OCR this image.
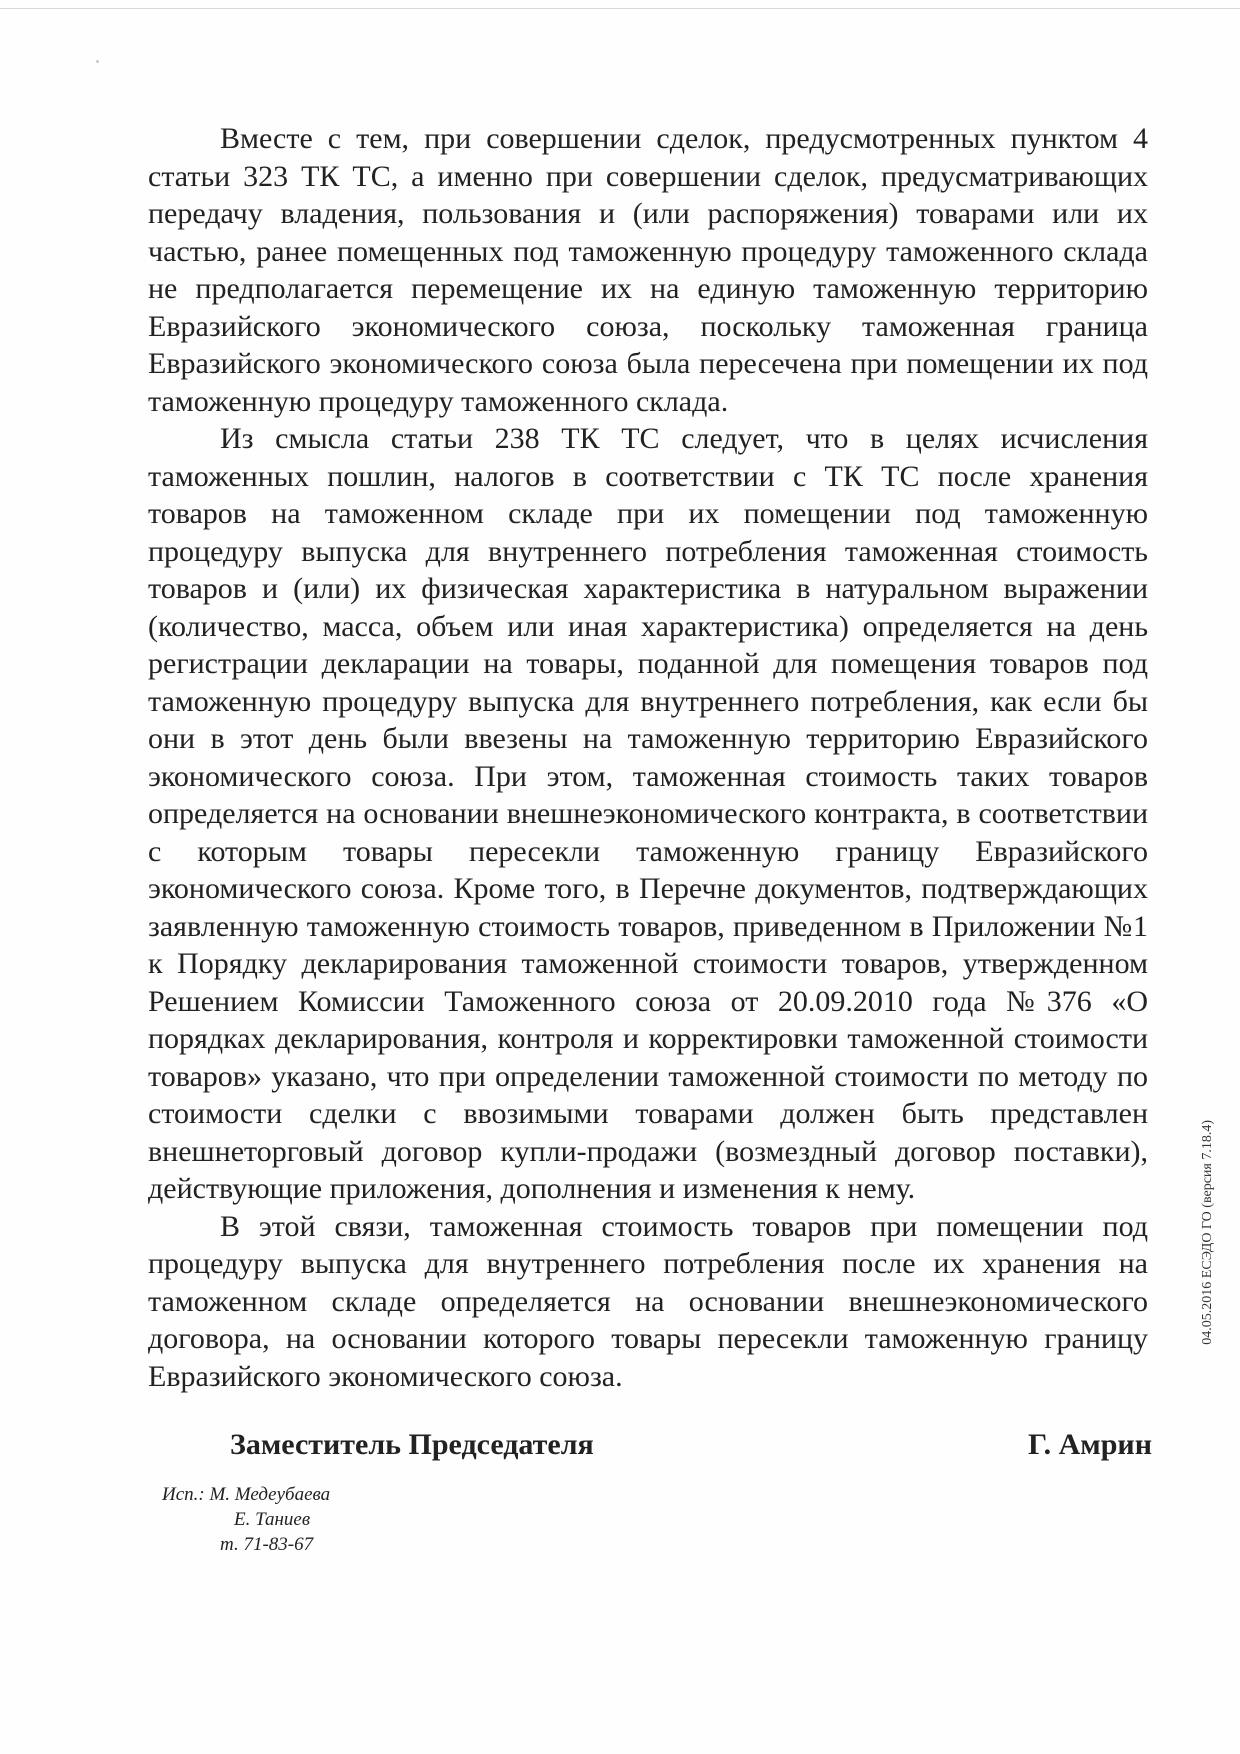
Вместе с тем, при совершении сделок, предусмотренных пунктом 4 статьи 323 ТК ТС, а именно при совершении сделок, предусматривающих передачу владения, пользования и (или распоряжения) товарами или их частью, ранее помещенных под таможенную процедуру таможенного склада не предполагается перемещение их на единую таможенную территорию Евразийского экономического союза, поскольку таможенная граница Евразийского экономического союза была пересечена при помещении их под таможенную процедуру таможенного склада.

Из смысла статьи 238 ТК ТС следует, что в целях исчисления таможенных пошлин, налогов в соответствии с ТК ТС после хранения товаров на таможенном складе при их помещении под таможенную процедуру выпуска для внутреннего потребления таможенная стоимость товаров и (или) их физическая характеристика в натуральном выражении (количество, масса, объем или иная характеристика) определяется на день регистрации декларации на товары, поданной для помещения товаров под таможенную процедуру выпуска для внутреннего потребления, как если бы они в этот день были ввезены на таможенную территорию Евразийского экономического союза. При этом, таможенная стоимость таких товаров определяется на основании внешнеэкономического контракта, в соответствии с которым товары пересекли таможенную границу Евразийского экономического союза. Кроме того, в Перечне документов, подтверждающих заявленную таможенную стоимость товаров, приведенном в Приложении №1 к Порядку декларирования таможенной стоимости товаров, утвержденном Решением Комиссии Таможенного союза от 20.09.2010 года №376 «О порядках декларирования, контроля и корректировки таможенной стоимости товаров» указано, что при определении таможенной стоимости по методу по стоимости сделки с ввозимыми товарами должен быть представлен внешнеторговый договор купли-продажи (возмездный договор поставки), действующие приложения, дополнения и изменения к нему.

В этой связи, таможенная стоимость товаров при помещении под процедуру выпуска для внутреннего потребления после их хранения на таможенном складе определяется на основании внешнеэкономического договора, на основании которого товары пересекли таможенную границу Евразийского экономического союза.

Заместитель Председателя	Г. Амрин
Исп.: М. Медеубаева
Е. Таниев
т. 71-83-67
04.05.2016 ЕСЭДО ГО (версия 7.18.4)
